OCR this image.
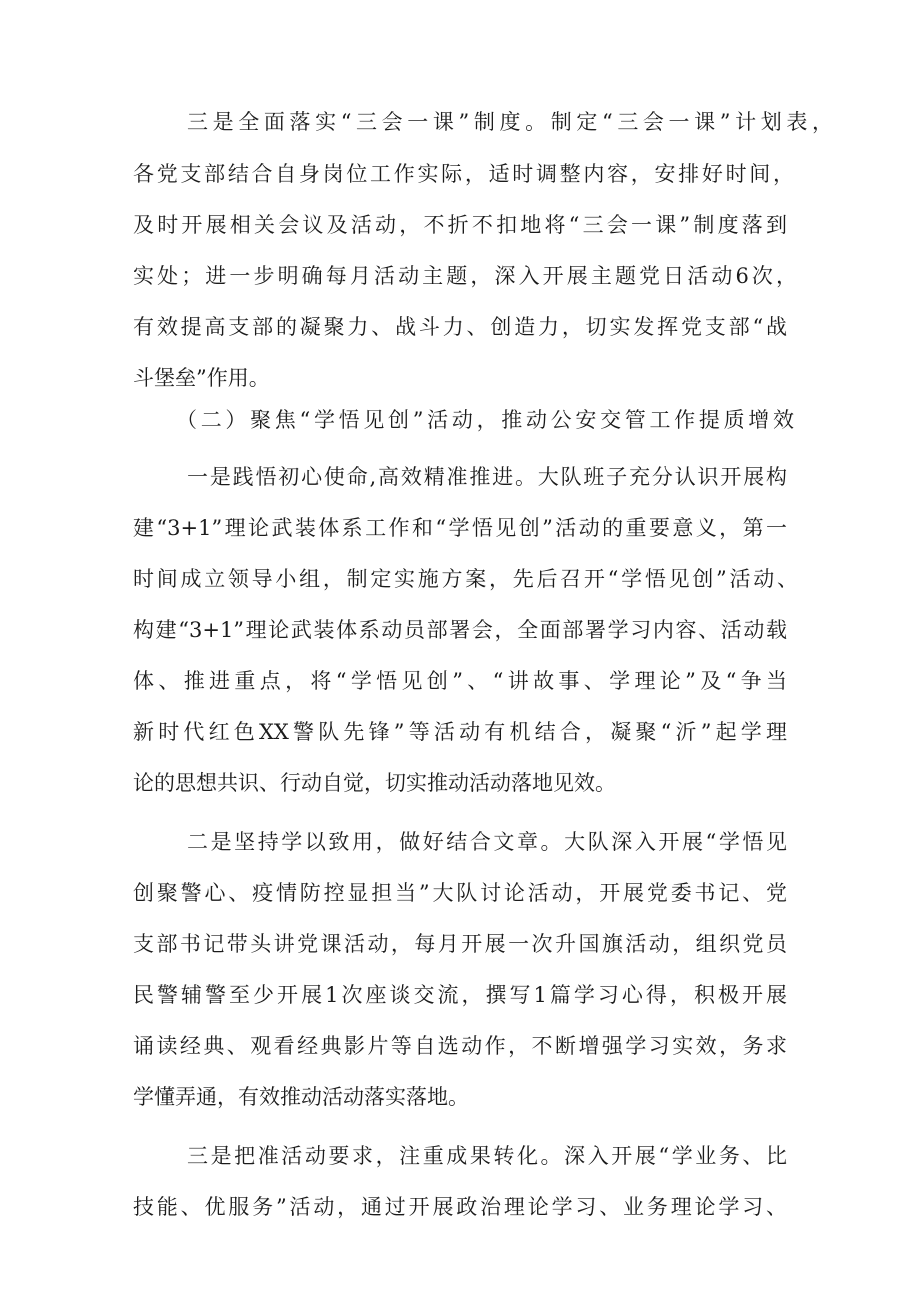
三是全面落实“三会一课”制度。制定“三会一课”计划表，

各党支部结合自身岗位工作实际，适时调整内容，安排好时间，

及时开展相关会议及活动，不折不扣地将“三会一课”制度落到

实处；进一步明确每月活动主题，深入开展主题党日活动6次，

有效提高支部的凝聚力、战斗力、创造力，切实发挥党支部“战

斗堡垒”作用。

（二）聚焦“学悟见创”活动，推动公安交管工作提质增效

一是践悟初心使命,高效精准推进。大队班子充分认识开展构

建“3+1”理论武装体系工作和“学悟见创”活动的重要意义，第一

时间成立领导小组，制定实施方案，先后召开“学悟见创”活动、

构建“3+1”理论武装体系动员部署会，全面部署学习内容、活动载

体、推进重点，将“学悟见创”、“讲故事、学理论”及“争当

新时代红色XX警队先锋”等活动有机结合，凝聚“沂”起学理

论的思想共识、行动自觉，切实推动活动落地见效。

二是坚持学以致用，做好结合文章。大队深入开展“学悟见

创聚警心、疫情防控显担当”大队讨论活动，开展党委书记、党

支部书记带头讲党课活动，每月开展一次升国旗活动，组织党员

民警辅警至少开展1次座谈交流，撰写1篇学习心得，积极开展

诵读经典、观看经典影片等自选动作，不断增强学习实效，务求

学懂弄通，有效推动活动落实落地。

三是把准活动要求，注重成果转化。深入开展“学业务、比

技能、优服务”活动，通过开展政治理论学习、业务理论学习、
